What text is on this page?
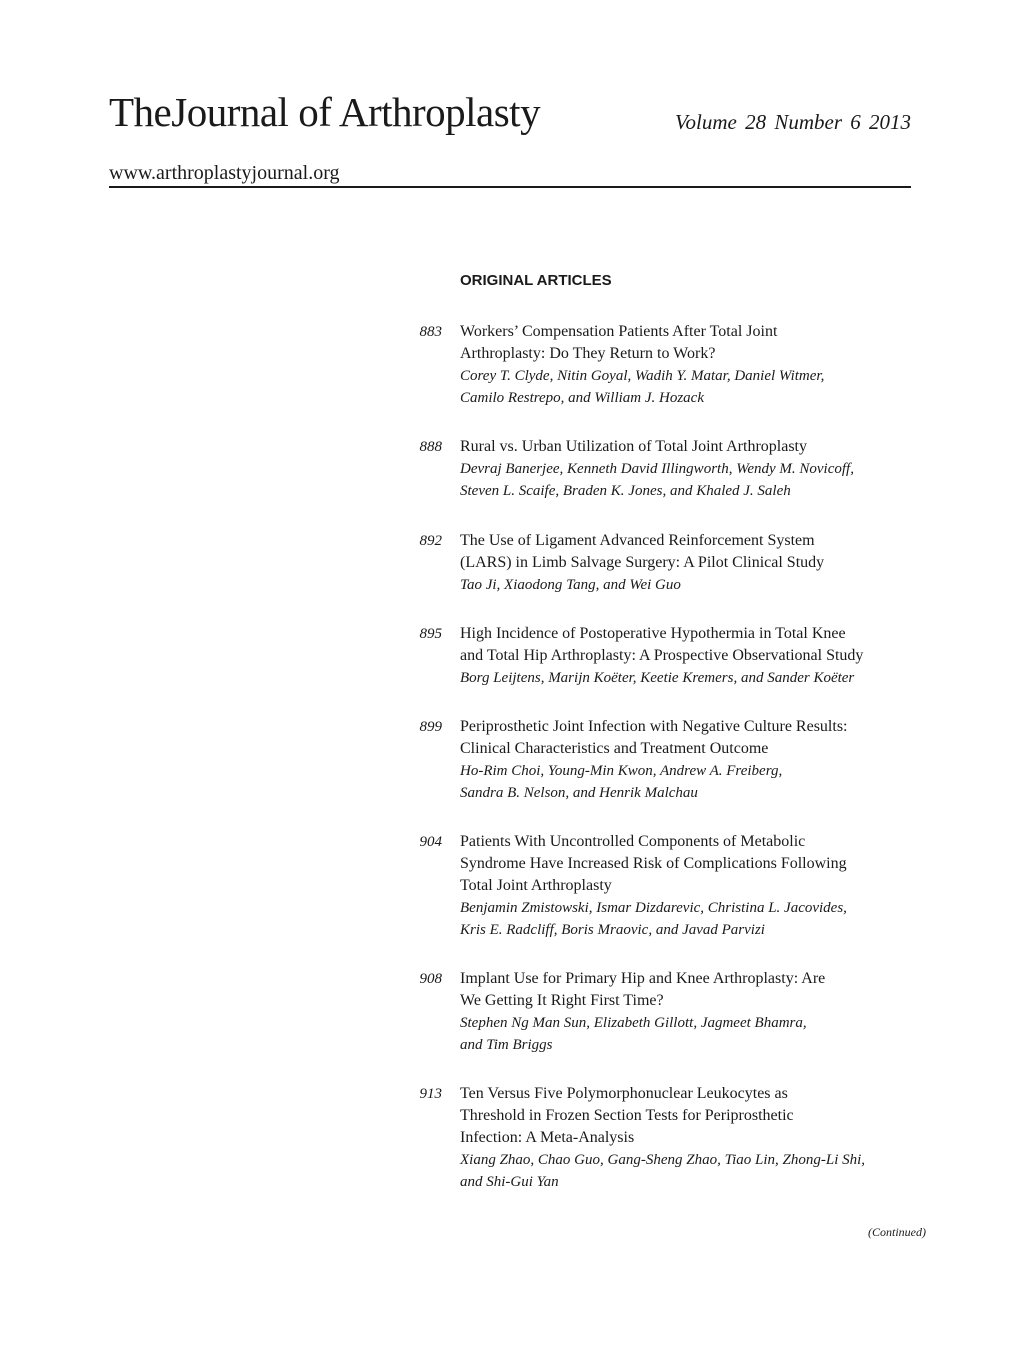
TheJournal of Arthroplasty	Volume 28 Number 6 2013
www.arthroplastyjournal.org
ORIGINAL ARTICLES
883 Workers’ Compensation Patients After Total Joint
Arthroplasty: Do They Return to Work?
Corey T. Clyde, Nitin Goyal, Wadih Y. Matar, Daniel Witmer,
Camilo Restrepo, and William J. Hozack
888 Rural vs. Urban Utilization of Total Joint Arthroplasty
Devraj Banerjee, Kenneth David Illingworth, Wendy M. Novicoff,
Steven L. Scaife, Braden K. Jones, and Khaled J. Saleh
892 The Use of Ligament Advanced Reinforcement System
(LARS) in Limb Salvage Surgery: A Pilot Clinical Study
Tao Ji, Xiaodong Tang, and Wei Guo
895 High Incidence of Postoperative Hypothermia in Total Knee
and Total Hip Arthroplasty: A Prospective Observational Study
Borg Leijtens, Marijn Koëter, Keetie Kremers, and Sander Koëter
899 Periprosthetic Joint Infection with Negative Culture Results:
Clinical Characteristics and Treatment Outcome
Ho-Rim Choi, Young-Min Kwon, Andrew A. Freiberg,
Sandra B. Nelson, and Henrik Malchau
904 Patients With Uncontrolled Components of Metabolic
Syndrome Have Increased Risk of Complications Following
Total Joint Arthroplasty
Benjamin Zmistowski, Ismar Dizdarevic, Christina L. Jacovides,
Kris E. Radcliff, Boris Mraovic, and Javad Parvizi
908 Implant Use for Primary Hip and Knee Arthroplasty: Are
We Getting It Right First Time?
Stephen Ng Man Sun, Elizabeth Gillott, Jagmeet Bhamra,
and Tim Briggs
913 Ten Versus Five Polymorphonuclear Leukocytes as
Threshold in Frozen Section Tests for Periprosthetic
Infection: A Meta-Analysis
Xiang Zhao, Chao Guo, Gang-Sheng Zhao, Tiao Lin, Zhong-Li Shi,
and Shi-Gui Yan
(Continued)
